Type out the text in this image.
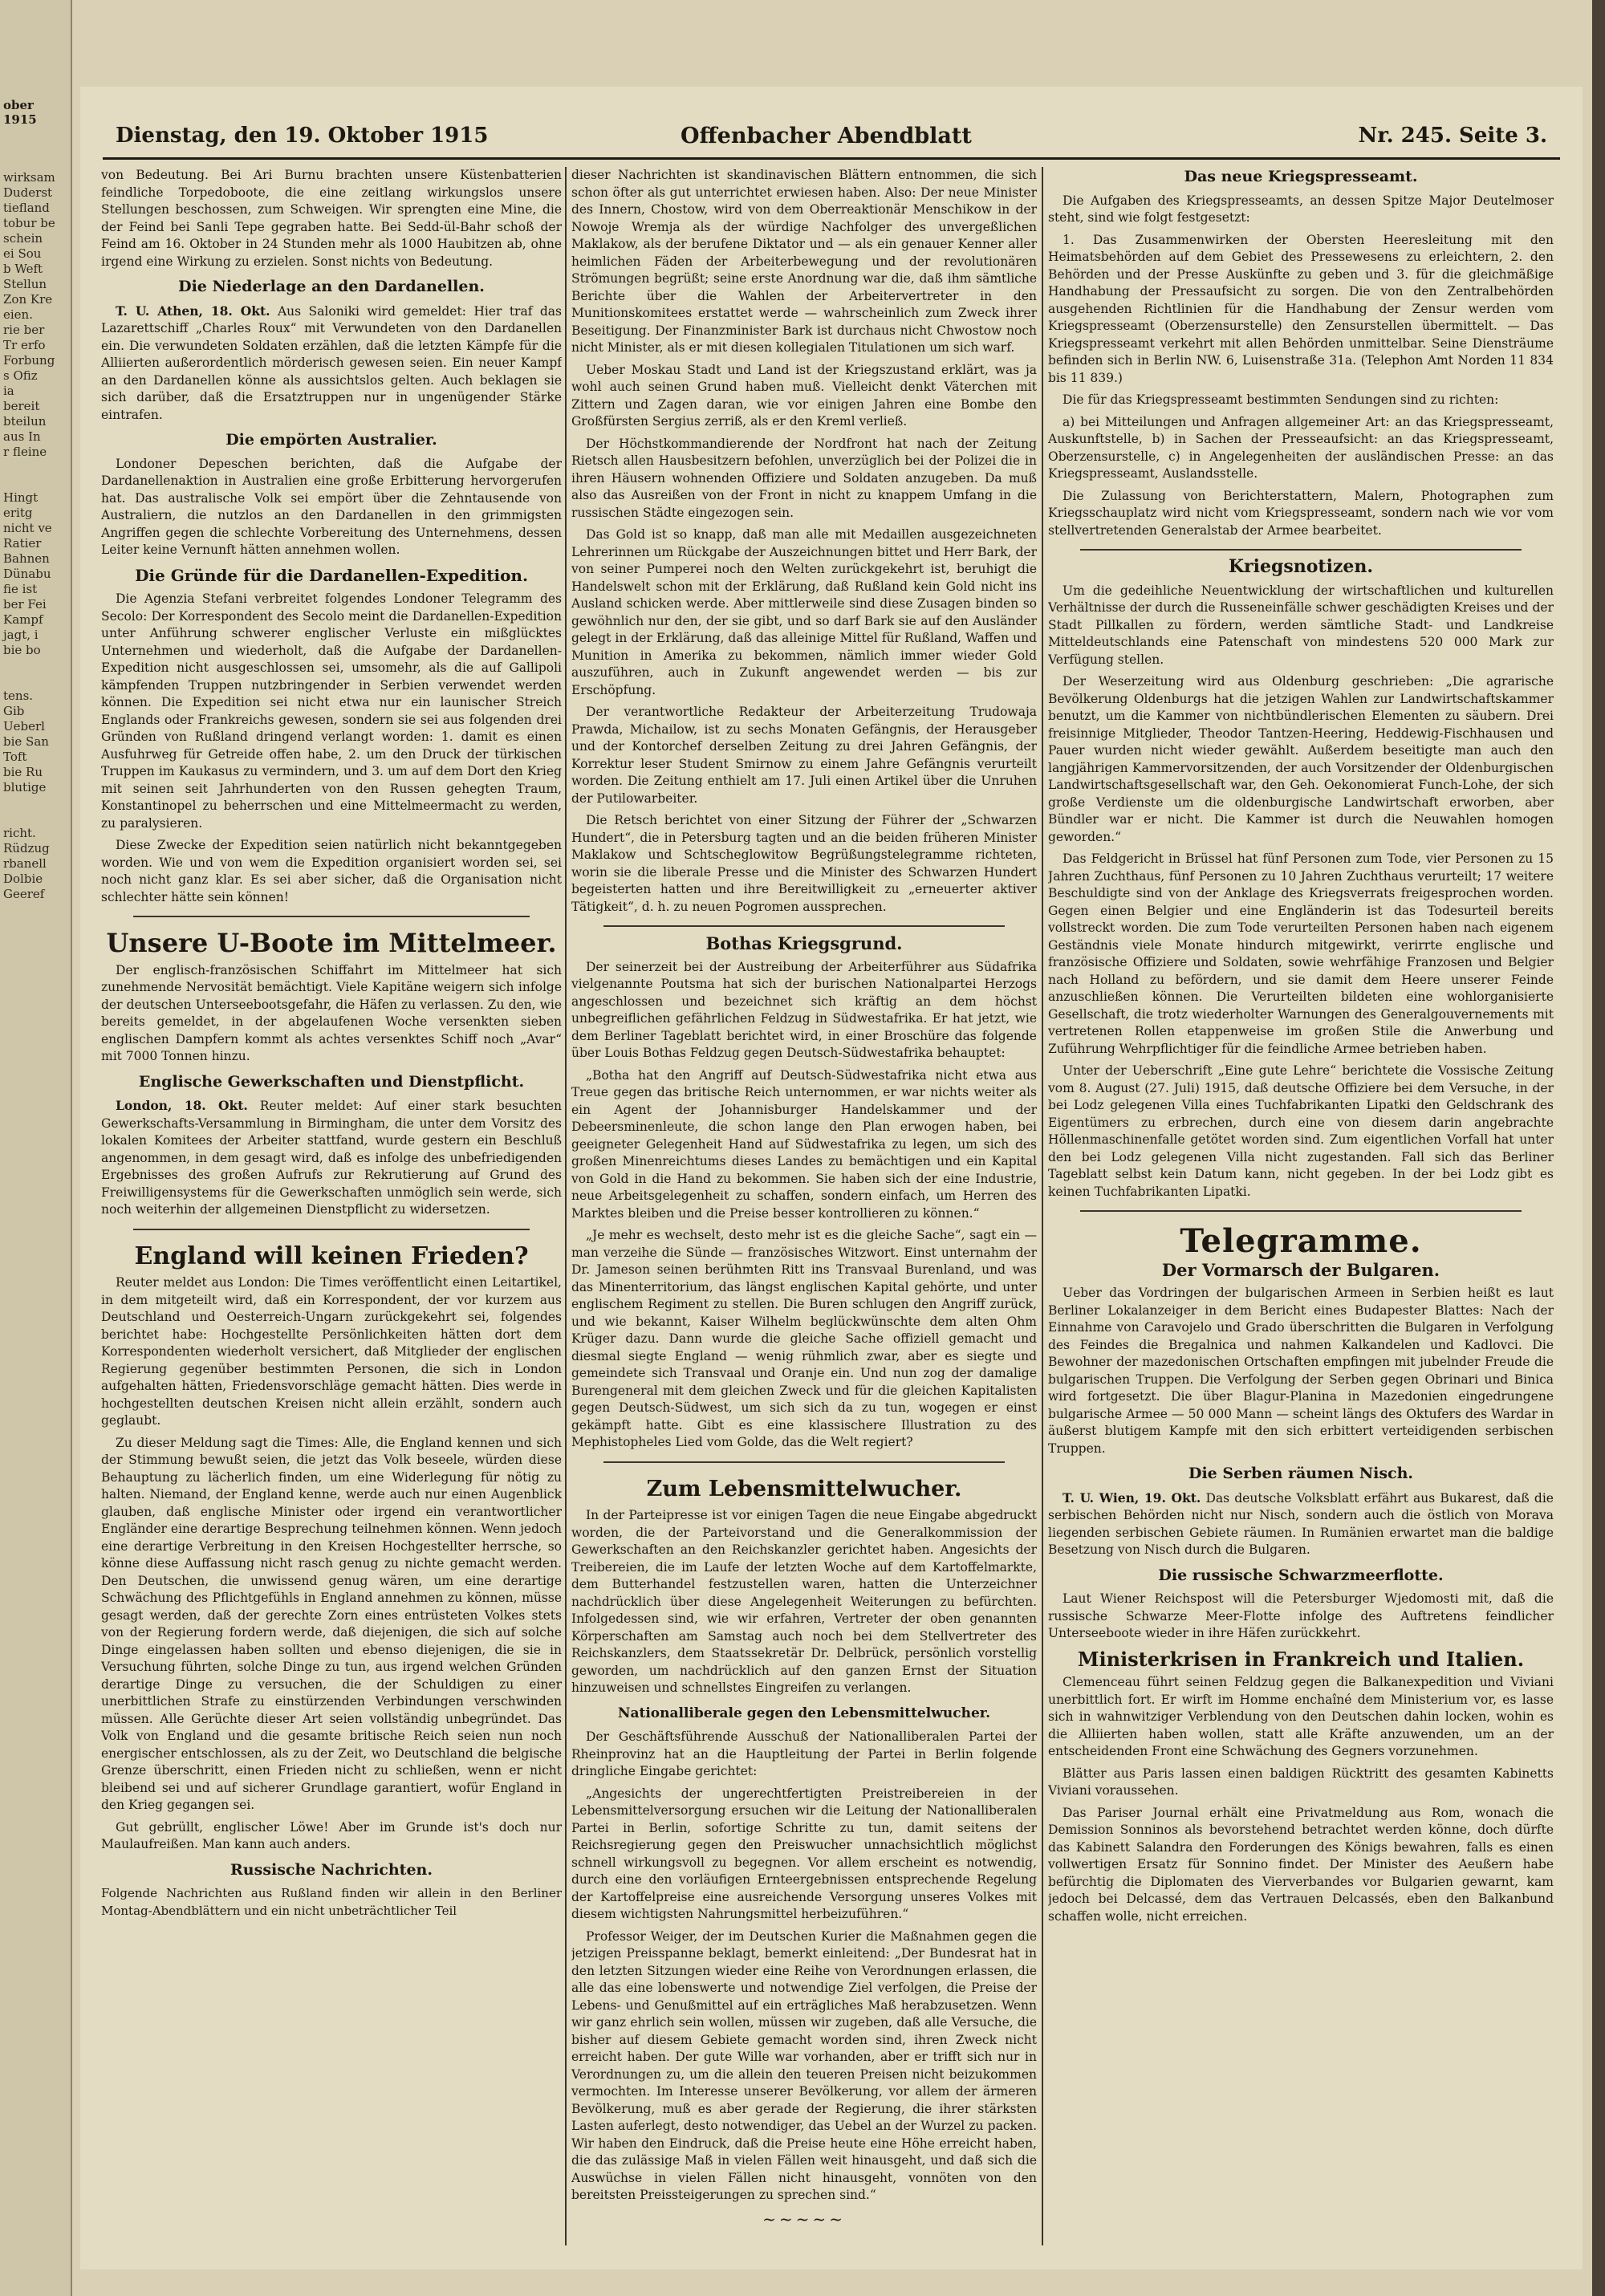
ober 1915
wirksam
Duderst
tiefland
tobur be
schein
ei Sou
b Weft
Stellun
Zon Kre
eien.
rie ber
Tr erfo
Forbung
s Ofiz
ia
bereit
bteilun
aus In
r fleine
Hingt
eritg
nicht ve
Ratier
Bahnen
Dünabu
fie ist
ber Fei
Kampf
jagt, i
bie bo
tens.
Gib
Ueberl
bie San
Toft
bie Ru
blutige
richt.
Rüdzug
rbanell
Dolbie
Geeref
Dienstag, den 19. Oktober 1915	Offenbacher Abendblatt	Nr. 245. Seite 3.

von Bedeutung. Bei Ari Burnu brachten unsere Küstenbatterien feindliche Torpedoboote, die eine zeitlang wirkungslos unsere Stellungen beschossen, zum Schweigen. Wir sprengten eine Mine, die der Feind bei Sanli Tepe gegraben hatte. Bei Sedd-ül-Bahr schoß der Feind am 16. Oktober in 24 Stunden mehr als 1000 Haubitzen ab, ohne irgend eine Wirkung zu erzielen. Sonst nichts von Bedeutung.

Die Niederlage an den Dardanellen.

T. U. Athen, 18. Okt. Aus Saloniki wird gemeldet: Hier traf das Lazarettschiff „Charles Roux“ mit Verwundeten von den Dardanellen ein. Die verwundeten Soldaten erzählen, daß die letzten Kämpfe für die Alliierten außerordentlich mörderisch gewesen seien. Ein neuer Kampf an den Dardanellen könne als aussichtslos gelten. Auch beklagen sie sich darüber, daß die Ersatztruppen nur in ungenügender Stärke eintrafen.

Die empörten Australier.

Londoner Depeschen berichten, daß die Aufgabe der Dardanellenaktion in Australien eine große Erbitterung hervorgerufen hat. Das australische Volk sei empört über die Zehntausende von Australiern, die nutzlos an den Dardanellen in den grimmigsten Angriffen gegen die schlechte Vorbereitung des Unternehmens, dessen Leiter keine Vernunft hätten annehmen wollen.

Die Gründe für die Dardanellen-Expedition.

Die Agenzia Stefani verbreitet folgendes Londoner Telegramm des Secolo: Der Korrespondent des Secolo meint die Dardanellen-Expedition unter Anführung schwerer englischer Verluste ein mißglücktes Unternehmen und wiederholt, daß die Aufgabe der Dardanellen-Expedition nicht ausgeschlossen sei, umsomehr, als die auf Gallipoli kämpfenden Truppen nutzbringender in Serbien verwendet werden können. Die Expedition sei nicht etwa nur ein launischer Streich Englands oder Frankreichs gewesen, sondern sie sei aus folgenden drei Gründen von Rußland dringend verlangt worden: 1. damit es einen Ausfuhrweg für Getreide offen habe, 2. um den Druck der türkischen Truppen im Kaukasus zu vermindern, und 3. um auf dem Dort den Krieg mit seinen seit Jahrhunderten von den Russen gehegten Traum, Konstantinopel zu beherrschen und eine Mittelmeermacht zu werden, zu paralysieren.

Diese Zwecke der Expedition seien natürlich nicht bekanntgegeben worden. Wie und von wem die Expedition organisiert worden sei, sei noch nicht ganz klar. Es sei aber sicher, daß die Organisation nicht schlechter hätte sein können!

Unsere U-Boote im Mittelmeer.

Der englisch-französischen Schiffahrt im Mittelmeer hat sich zunehmende Nervosität bemächtigt. Viele Kapitäne weigern sich infolge der deutschen Unterseebootsgefahr, die Häfen zu verlassen. Zu den, wie bereits gemeldet, in der abgelaufenen Woche versenkten sieben englischen Dampfern kommt als achtes versenktes Schiff noch „Avar“ mit 7000 Tonnen hinzu.

Englische Gewerkschaften und Dienstpflicht.

London, 18. Okt. Reuter meldet: Auf einer stark besuchten Gewerkschafts-Versammlung in Birmingham, die unter dem Vorsitz des lokalen Komitees der Arbeiter stattfand, wurde gestern ein Beschluß angenommen, in dem gesagt wird, daß es infolge des unbefriedigenden Ergebnisses des großen Aufrufs zur Rekrutierung auf Grund des Freiwilligensystems für die Gewerkschaften unmöglich sein werde, sich noch weiterhin der allgemeinen Dienstpflicht zu widersetzen.

England will keinen Frieden?

Reuter meldet aus London: Die Times veröffentlicht einen Leitartikel, in dem mitgeteilt wird, daß ein Korrespondent, der vor kurzem aus Deutschland und Oesterreich-Ungarn zurückgekehrt sei, folgendes berichtet habe: Hochgestellte Persönlichkeiten hätten dort dem Korrespondenten wiederholt versichert, daß Mitglieder der englischen Regierung gegenüber bestimmten Personen, die sich in London aufgehalten hätten, Friedensvorschläge gemacht hätten. Dies werde in hochgestellten deutschen Kreisen nicht allein erzählt, sondern auch geglaubt.

Zu dieser Meldung sagt die Times: Alle, die England kennen und sich der Stimmung bewußt seien, die jetzt das Volk beseele, würden diese Behauptung zu lächerlich finden, um eine Widerlegung für nötig zu halten. Niemand, der England kenne, werde auch nur einen Augenblick glauben, daß englische Minister oder irgend ein verantwortlicher Engländer eine derartige Besprechung teilnehmen können. Wenn jedoch eine derartige Verbreitung in den Kreisen Hochgestellter herrsche, so könne diese Auffassung nicht rasch genug zu nichte gemacht werden. Den Deutschen, die unwissend genug wären, um eine derartige Schwächung des Pflichtgefühls in England annehmen zu können, müsse gesagt werden, daß der gerechte Zorn eines entrüsteten Volkes stets von der Regierung fordern werde, daß diejenigen, die sich auf solche Dinge eingelassen haben sollten und ebenso diejenigen, die sie in Versuchung führten, solche Dinge zu tun, aus irgend welchen Gründen derartige Dinge zu versuchen, die der Schuldigen zu einer unerbittlichen Strafe zu einstürzenden Verbindungen verschwinden müssen. Alle Gerüchte dieser Art seien vollständig unbegründet. Das Volk von England und die gesamte britische Reich seien nun noch energischer entschlossen, als zu der Zeit, wo Deutschland die belgische Grenze überschritt, einen Frieden nicht zu schließen, wenn er nicht bleibend sei und auf sicherer Grundlage garantiert, wofür England in den Krieg gegangen sei.

Gut gebrüllt, englischer Löwe! Aber im Grunde ist's doch nur Maulaufreißen. Man kann auch anders.

Russische Nachrichten.

Folgende Nachrichten aus Rußland finden wir allein in den Berliner Montag-Abendblättern und ein nicht unbeträchtlicher Teil

dieser Nachrichten ist skandinavischen Blättern entnommen, die sich schon öfter als gut unterrichtet erwiesen haben. Also: Der neue Minister des Innern, Chostow, wird von dem Oberreaktionär Menschikow in der Nowoje Wremja als der würdige Nachfolger des unvergeßlichen Maklakow, als der berufene Diktator und — als ein genauer Kenner aller heimlichen Fäden der Arbeiterbewegung und der revolutionären Strömungen begrüßt; seine erste Anordnung war die, daß ihm sämtliche Berichte über die Wahlen der Arbeitervertreter in den Munitionskomitees erstattet werde — wahrscheinlich zum Zweck ihrer Beseitigung. Der Finanzminister Bark ist durchaus nicht Chwostow noch nicht Minister, als er mit diesen kollegialen Titulationen um sich warf.

Ueber Moskau Stadt und Land ist der Kriegszustand erklärt, was ja wohl auch seinen Grund haben muß. Vielleicht denkt Väterchen mit Zittern und Zagen daran, wie vor einigen Jahren eine Bombe den Großfürsten Sergius zerriß, als er den Kreml verließ.

Der Höchstkommandierende der Nordfront hat nach der Zeitung Rietsch allen Hausbesitzern befohlen, unverzüglich bei der Polizei die in ihren Häusern wohnenden Offiziere und Soldaten anzugeben. Da muß also das Ausreißen von der Front in nicht zu knappem Umfang in die russischen Städte eingezogen sein.

Das Gold ist so knapp, daß man alle mit Medaillen ausgezeichneten Lehrerinnen um Rückgabe der Auszeichnungen bittet und Herr Bark, der von seiner Pumperei noch den Welten zurückgekehrt ist, beruhigt die Handelswelt schon mit der Erklärung, daß Rußland kein Gold nicht ins Ausland schicken werde. Aber mittlerweile sind diese Zusagen binden so gewöhnlich nur den, der sie gibt, und so darf Bark sie auf den Ausländer gelegt in der Erklärung, daß das alleinige Mittel für Rußland, Waffen und Munition in Amerika zu bekommen, nämlich immer wieder Gold auszuführen, auch in Zukunft angewendet werden — bis zur Erschöpfung.

Der verantwortliche Redakteur der Arbeiterzeitung Trudowaja Prawda, Michailow, ist zu sechs Monaten Gefängnis, der Herausgeber und der Kontorchef derselben Zeitung zu drei Jahren Gefängnis, der Korrektur leser Student Smirnow zu einem Jahre Gefängnis verurteilt worden. Die Zeitung enthielt am 17. Juli einen Artikel über die Unruhen der Putilowarbeiter.

Die Retsch berichtet von einer Sitzung der Führer der „Schwarzen Hundert“, die in Petersburg tagten und an die beiden früheren Minister Maklakow und Schtscheglowitow Begrüßungstelegramme richteten, worin sie die liberale Presse und die Minister des Schwarzen Hundert begeisterten hatten und ihre Bereitwilligkeit zu „erneuerter aktiver Tätigkeit“, d. h. zu neuen Pogromen aussprechen.

Bothas Kriegsgrund.

Der seinerzeit bei der Austreibung der Arbeiterführer aus Südafrika vielgenannte Poutsma hat sich der burischen Nationalpartei Herzogs angeschlossen und bezeichnet sich kräftig an dem höchst unbegreiflichen gefährlichen Feldzug in Südwestafrika. Er hat jetzt, wie dem Berliner Tageblatt berichtet wird, in einer Broschüre das folgende über Louis Bothas Feldzug gegen Deutsch-Südwestafrika behauptet:

„Botha hat den Angriff auf Deutsch-Südwestafrika nicht etwa aus Treue gegen das britische Reich unternommen, er war nichts weiter als ein Agent der Johannisburger Handelskammer und der Debeersminenleute, die schon lange den Plan erwogen haben, bei geeigneter Gelegenheit Hand auf Südwestafrika zu legen, um sich des großen Minenreichtums dieses Landes zu bemächtigen und ein Kapital von Gold in die Hand zu bekommen. Sie haben sich der eine Industrie, neue Arbeitsgelegenheit zu schaffen, sondern einfach, um Herren des Marktes bleiben und die Preise besser kontrollieren zu können.“

„Je mehr es wechselt, desto mehr ist es die gleiche Sache“, sagt ein — man verzeihe die Sünde — französisches Witzwort. Einst unternahm der Dr. Jameson seinen berühmten Ritt ins Transvaal Burenland, und was das Minenterritorium, das längst englischen Kapital gehörte, und unter englischem Regiment zu stellen. Die Buren schlugen den Angriff zurück, und wie bekannt, Kaiser Wilhelm beglückwünschte dem alten Ohm Krüger dazu. Dann wurde die gleiche Sache offiziell gemacht und diesmal siegte England — wenig rühmlich zwar, aber es siegte und gemeindete sich Transvaal und Oranje ein. Und nun zog der damalige Burengeneral mit dem gleichen Zweck und für die gleichen Kapitalisten gegen Deutsch-Südwest, um sich sich da zu tun, wogegen er einst gekämpft hatte. Gibt es eine klassischere Illustration zu des Mephistopheles Lied vom Golde, das die Welt regiert?

Zum Lebensmittelwucher.

In der Parteipresse ist vor einigen Tagen die neue Eingabe abgedruckt worden, die der Parteivorstand und die Generalkommission der Gewerkschaften an den Reichskanzler gerichtet haben. Angesichts der Treibereien, die im Laufe der letzten Woche auf dem Kartoffelmarkte, dem Butterhandel festzustellen waren, hatten die Unterzeichner nachdrücklich über diese Angelegenheit Weiterungen zu befürchten. Infolgedessen sind, wie wir erfahren, Vertreter der oben genannten Körperschaften am Samstag auch noch bei dem Stellvertreter des Reichskanzlers, dem Staatssekretär Dr. Delbrück, persönlich vorstellig geworden, um nachdrücklich auf den ganzen Ernst der Situation hinzuweisen und schnellstes Eingreifen zu verlangen.

Nationalliberale gegen den Lebensmittelwucher.

Der Geschäftsführende Ausschuß der Nationalliberalen Partei der Rheinprovinz hat an die Hauptleitung der Partei in Berlin folgende dringliche Eingabe gerichtet:

„Angesichts der ungerechtfertigten Preistreibereien in der Lebensmittelversorgung ersuchen wir die Leitung der Nationalliberalen Partei in Berlin, sofortige Schritte zu tun, damit seitens der Reichsregierung gegen den Preiswucher unnachsichtlich möglichst schnell wirkungsvoll zu begegnen. Vor allem erscheint es notwendig, durch eine den vorläufigen Ernteergebnissen entsprechende Regelung der Kartoffelpreise eine ausreichende Versorgung unseres Volkes mit diesem wichtigsten Nahrungsmittel herbeizuführen.“

Professor Weiger, der im Deutschen Kurier die Maßnahmen gegen die jetzigen Preisspanne beklagt, bemerkt einleitend: „Der Bundesrat hat in den letzten Sitzungen wieder eine Reihe von Verordnungen erlassen, die alle das eine lobenswerte und notwendige Ziel verfolgen, die Preise der Lebens- und Genußmittel auf ein erträgliches Maß herabzusetzen. Wenn wir ganz ehrlich sein wollen, müssen wir zugeben, daß alle Versuche, die bisher auf diesem Gebiete gemacht worden sind, ihren Zweck nicht erreicht haben. Der gute Wille war vorhanden, aber er trifft sich nur in Verordnungen zu, um die allein den teueren Preisen nicht beizukommen vermochten. Im Interesse unserer Bevölkerung, vor allem der ärmeren Bevölkerung, muß es aber gerade der Regierung, die ihrer stärksten Lasten auferlegt, desto notwendiger, das Uebel an der Wurzel zu packen. Wir haben den Eindruck, daß die Preise heute eine Höhe erreicht haben, die das zulässige Maß in vielen Fällen weit hinausgeht, und daß sich die Auswüchse in vielen Fällen nicht hinausgeht, vonnöten von den bereitsten Preissteigerungen zu sprechen sind.“

~~~~~
Das neue Kriegspresseamt.

Die Aufgaben des Kriegspresseamts, an dessen Spitze Major Deutelmoser steht, sind wie folgt festgesetzt:

1. Das Zusammenwirken der Obersten Heeresleitung mit den Heimatsbehörden auf dem Gebiet des Pressewesens zu erleichtern, 2. den Behörden und der Presse Auskünfte zu geben und 3. für die gleichmäßige Handhabung der Pressaufsicht zu sorgen. Die von den Zentralbehörden ausgehenden Richtlinien für die Handhabung der Zensur werden vom Kriegspresseamt (Oberzensurstelle) den Zensurstellen übermittelt. — Das Kriegspresseamt verkehrt mit allen Behörden unmittelbar. Seine Diensträume befinden sich in Berlin NW. 6, Luisenstraße 31a. (Telephon Amt Norden 11 834 bis 11 839.)

Die für das Kriegspresseamt bestimmten Sendungen sind zu richten:

a) bei Mitteilungen und Anfragen allgemeiner Art: an das Kriegspresseamt, Auskunftstelle, b) in Sachen der Presseaufsicht: an das Kriegspresseamt, Oberzensurstelle, c) in Angelegenheiten der ausländischen Presse: an das Kriegspresseamt, Auslandsstelle.

Die Zulassung von Berichterstattern, Malern, Photographen zum Kriegsschauplatz wird nicht vom Kriegspresseamt, sondern nach wie vor vom stellvertretenden Generalstab der Armee bearbeitet.

Kriegsnotizen.

Um die gedeihliche Neuentwicklung der wirtschaftlichen und kulturellen Verhältnisse der durch die Russeneinfälle schwer geschädigten Kreises und der Stadt Pillkallen zu fördern, werden sämtliche Stadt- und Landkreise Mitteldeutschlands eine Patenschaft von mindestens 520 000 Mark zur Verfügung stellen.

Der Weserzeitung wird aus Oldenburg geschrieben: „Die agrarische Bevölkerung Oldenburgs hat die jetzigen Wahlen zur Landwirtschaftskammer benutzt, um die Kammer von nichtbündlerischen Elementen zu säubern. Drei freisinnige Mitglieder, Theodor Tantzen-Heering, Heddewig-Fischhausen und Pauer wurden nicht wieder gewählt. Außerdem beseitigte man auch den langjährigen Kammervorsitzenden, der auch Vorsitzender der Oldenburgischen Landwirtschaftsgesellschaft war, den Geh. Oekonomierat Funch-Lohe, der sich große Verdienste um die oldenburgische Landwirtschaft erworben, aber Bündler war er nicht. Die Kammer ist durch die Neuwahlen homogen geworden.“

Das Feldgericht in Brüssel hat fünf Personen zum Tode, vier Personen zu 15 Jahren Zuchthaus, fünf Personen zu 10 Jahren Zuchthaus verurteilt; 17 weitere Beschuldigte sind von der Anklage des Kriegsverrats freigesprochen worden. Gegen einen Belgier und eine Engländerin ist das Todesurteil bereits vollstreckt worden. Die zum Tode verurteilten Personen haben nach eigenem Geständnis viele Monate hindurch mitgewirkt, verirrte englische und französische Offiziere und Soldaten, sowie wehrfähige Franzosen und Belgier nach Holland zu befördern, und sie damit dem Heere unserer Feinde anzuschließen können. Die Verurteilten bildeten eine wohlorganisierte Gesellschaft, die trotz wiederholter Warnungen des Generalgouvernements mit vertretenen Rollen etappenweise im großen Stile die Anwerbung und Zuführung Wehrpflichtiger für die feindliche Armee betrieben haben.

Unter der Ueberschrift „Eine gute Lehre“ berichtete die Vossische Zeitung vom 8. August (27. Juli) 1915, daß deutsche Offiziere bei dem Versuche, in der bei Lodz gelegenen Villa eines Tuchfabrikanten Lipatki den Geldschrank des Eigentümers zu erbrechen, durch eine von diesem darin angebrachte Höllenmaschinenfalle getötet worden sind. Zum eigentlichen Vorfall hat unter den bei Lodz gelegenen Villa nicht zugestanden. Fall sich das Berliner Tageblatt selbst kein Datum kann, nicht gegeben. In der bei Lodz gibt es keinen Tuchfabrikanten Lipatki.

Telegramme.
Der Vormarsch der Bulgaren.

Ueber das Vordringen der bulgarischen Armeen in Serbien heißt es laut Berliner Lokalanzeiger in dem Bericht eines Budapester Blattes: Nach der Einnahme von Caravojelo und Grado überschritten die Bulgaren in Verfolgung des Feindes die Bregalnica und nahmen Kalkandelen und Kadlovci. Die Bewohner der mazedonischen Ortschaften empfingen mit jubelnder Freude die bulgarischen Truppen. Die Verfolgung der Serben gegen Obrinari und Binica wird fortgesetzt. Die über Blagur-Planina in Mazedonien eingedrungene bulgarische Armee — 50 000 Mann — scheint längs des Oktufers des Wardar in äußerst blutigem Kampfe mit den sich erbittert verteidigenden serbischen Truppen.

Die Serben räumen Nisch.

T. U. Wien, 19. Okt. Das deutsche Volksblatt erfährt aus Bukarest, daß die serbischen Behörden nicht nur Nisch, sondern auch die östlich von Morava liegenden serbischen Gebiete räumen. In Rumänien erwartet man die baldige Besetzung von Nisch durch die Bulgaren.

Die russische Schwarzmeerflotte.

Laut Wiener Reichspost will die Petersburger Wjedomosti mit, daß die russische Schwarze Meer-Flotte infolge des Auftretens feindlicher Unterseeboote wieder in ihre Häfen zurückkehrt.

Ministerkrisen in Frankreich und Italien.

Clemenceau führt seinen Feldzug gegen die Balkanexpedition und Viviani unerbittlich fort. Er wirft im Homme enchaîné dem Ministerium vor, es lasse sich in wahnwitziger Verblendung von den Deutschen dahin locken, wohin es die Alliierten haben wollen, statt alle Kräfte anzuwenden, um an der entscheidenden Front eine Schwächung des Gegners vorzunehmen.

Blätter aus Paris lassen einen baldigen Rücktritt des gesamten Kabinetts Viviani voraussehen.

Das Pariser Journal erhält eine Privatmeldung aus Rom, wonach die Demission Sonninos als bevorstehend betrachtet werden könne, doch dürfte das Kabinett Salandra den Forderungen des Königs bewahren, falls es einen vollwertigen Ersatz für Sonnino findet. Der Minister des Aeußern habe befürchtig die Diplomaten des Vierverbandes vor Bulgarien gewarnt, kam jedoch bei Delcassé, dem das Vertrauen Delcassés, eben den Balkanbund schaffen wolle, nicht erreichen.
